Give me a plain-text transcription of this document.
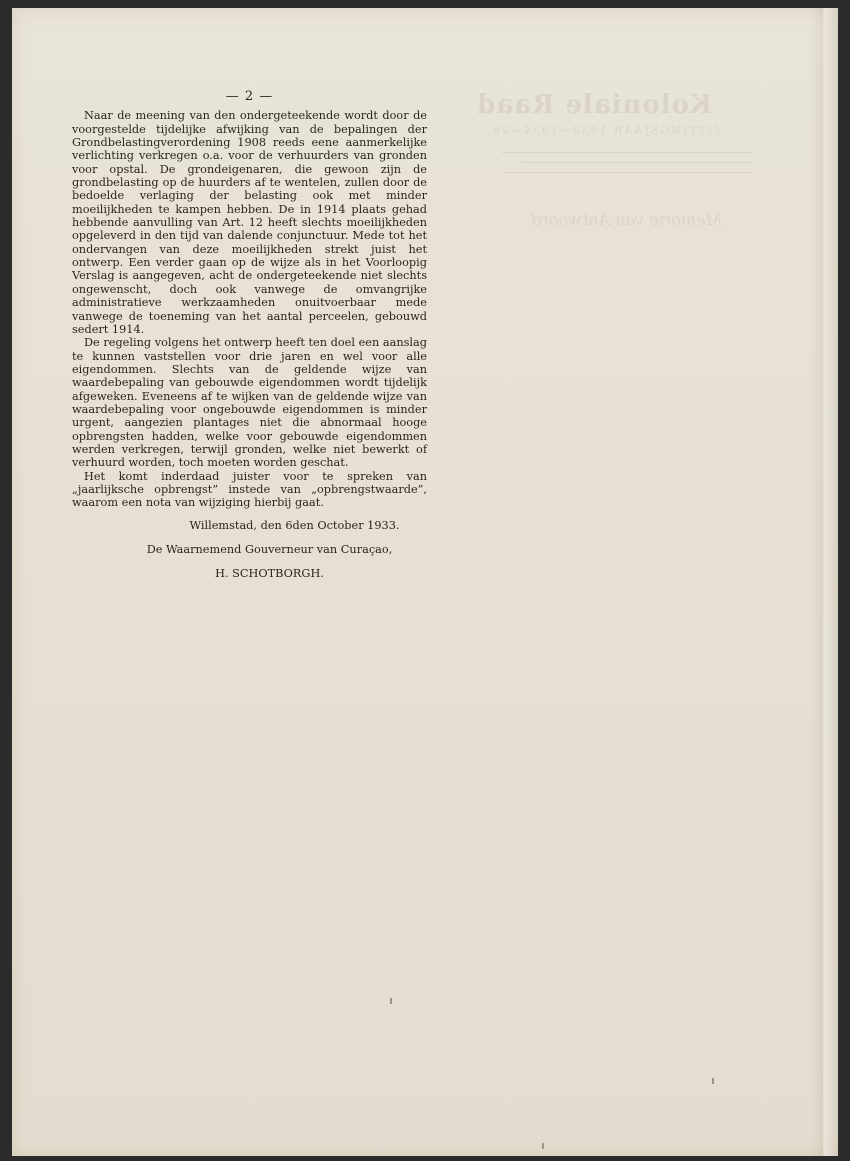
Koloniale Raad
ZITTINGSJAAR 1933—1934—26.
Memorie van Antwoord
— 2 —

Naar de meening van den ondergeteekende wordt door de voorgestelde tijdelijke afwijking van de bepalingen der Grondbelastingverordening 1908 reeds eene aanmerkelijke verlichting verkregen o.a. voor de verhuurders van gronden voor opstal. De grondeigenaren, die gewoon zijn de grondbelasting op de huurders af te wentelen, zullen door de bedoelde verlaging der belasting ook met minder moeilijkheden te kampen hebben. De in 1914 plaats gehad hebbende aanvulling van Art. 12 heeft slechts moeilijkheden opgeleverd in den tijd van dalende conjunctuur. Mede tot het ondervangen van deze moeilijkheden strekt juist het ontwerp. Een verder gaan op de wijze als in het Voorloopig Verslag is aangegeven, acht de ondergeteekende niet slechts ongewenscht, doch ook vanwege de omvangrijke administratieve werkzaamheden onuitvoerbaar mede vanwege de toeneming van het aantal perceelen, gebouwd sedert 1914.

De regeling volgens het ontwerp heeft ten doel een aanslag te kunnen vaststellen voor drie jaren en wel voor alle eigendommen. Slechts van de geldende wijze van waardebepaling van gebouwde eigendommen wordt tijdelijk afgeweken. Eveneens af te wijken van de geldende wijze van waardebepaling voor ongebouwde eigendommen is minder urgent, aangezien plantages niet die abnormaal hooge opbrengsten hadden, welke voor gebouwde eigendommen werden verkregen, terwijl gronden, welke niet bewerkt of verhuurd worden, toch moeten worden geschat.

Het komt inderdaad juister voor te spreken van „jaarlijksche opbrengst” instede van „opbrengstwaarde”, waarom een nota van wijziging hierbij gaat.

Willemstad, den 6den October 1933.
De Waarnemend Gouverneur van Curaçao,
H. SCHOTBORGH.
